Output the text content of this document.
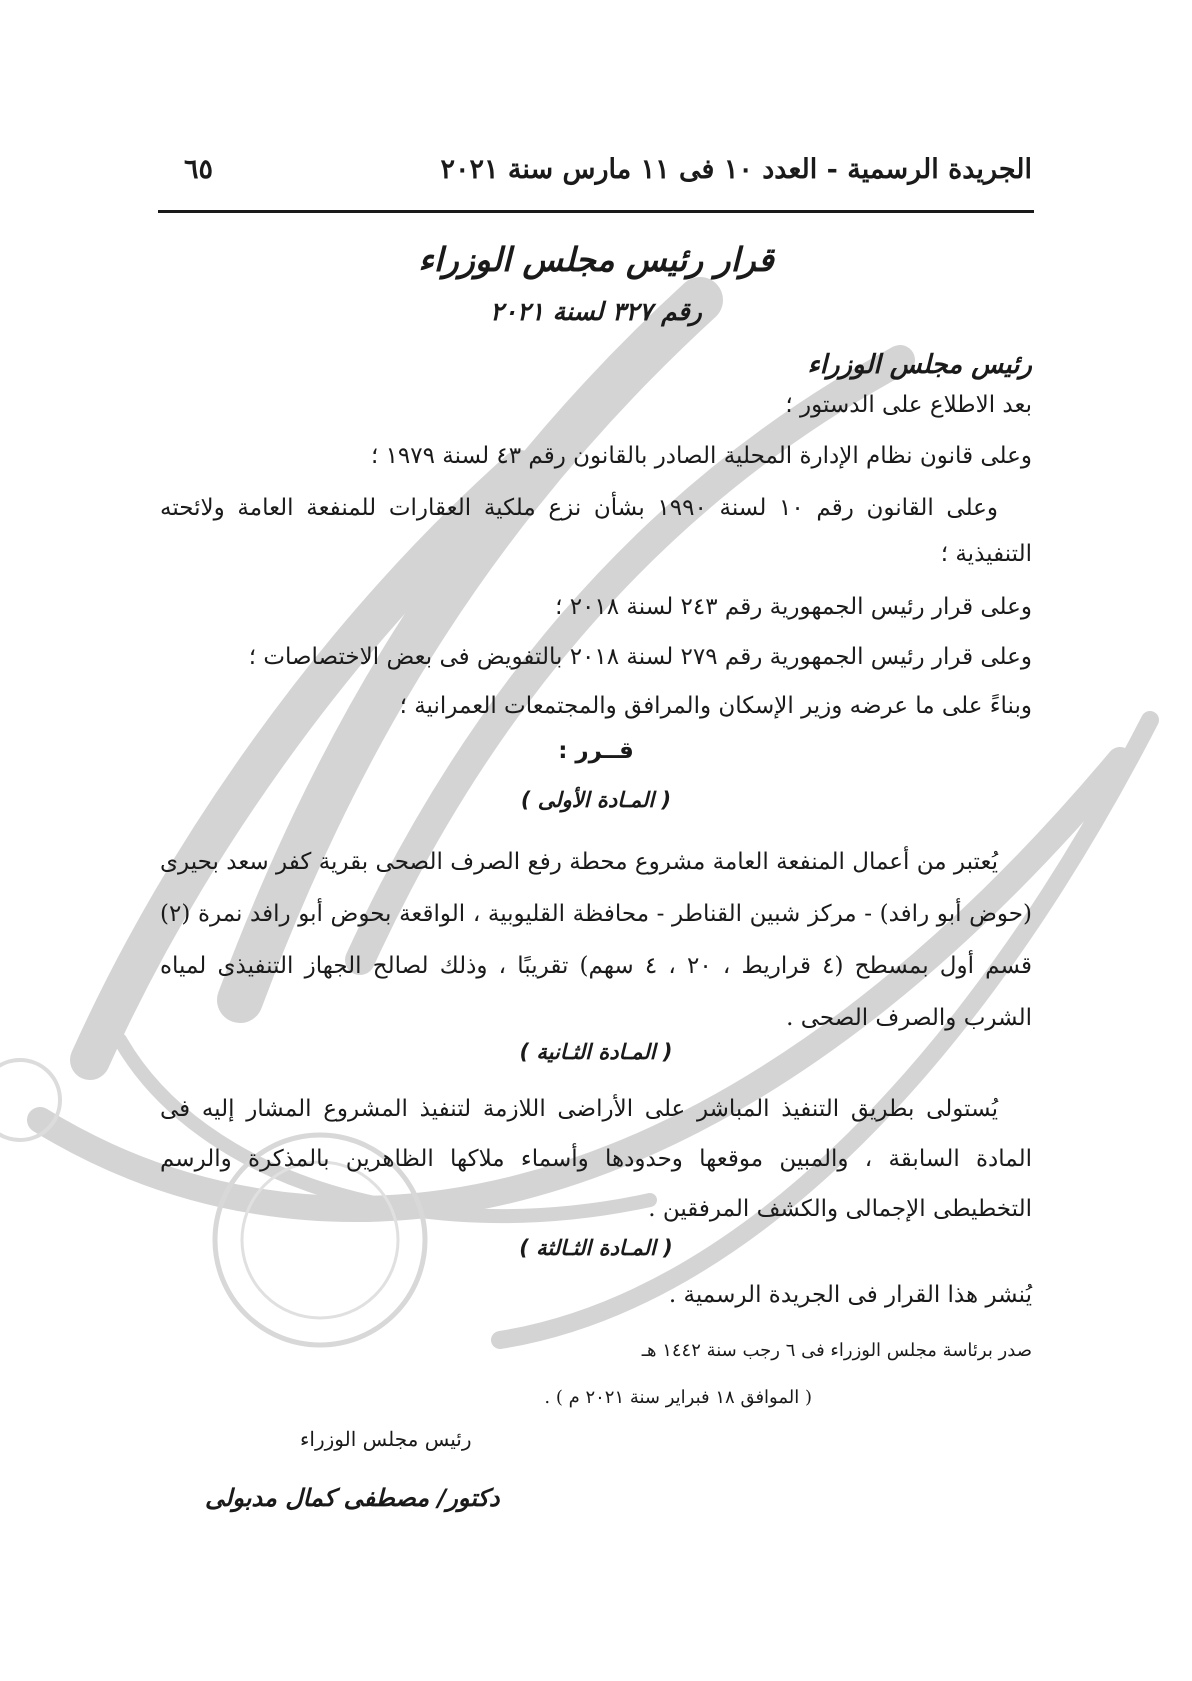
الجريدة الرسمية - العدد ١٠ فى ١١ مارس سنة ٢٠٢١
٦٥
قرار رئيس مجلس الوزراء
رقم ٣٢٧ لسنة ٢٠٢١
رئيس مجلس الوزراء
بعد الاطلاع على الدستور ؛
وعلى قانون نظام الإدارة المحلية الصادر بالقانون رقم ٤٣ لسنة ١٩٧٩ ؛
وعلى القانون رقم ١٠ لسنة ١٩٩٠ بشأن نزع ملكية العقارات للمنفعة العامة ولائحته التنفيذية ؛
وعلى قرار رئيس الجمهورية رقم ٢٤٣ لسنة ٢٠١٨ ؛
وعلى قرار رئيس الجمهورية رقم ٢٧٩ لسنة ٢٠١٨ بالتفويض فى بعض الاختصاصات ؛
وبناءً على ما عرضه وزير الإسكان والمرافق والمجتمعات العمرانية ؛
قــرر :
( المـادة الأولى )
يُعتبر من أعمال المنفعة العامة مشروع محطة رفع الصرف الصحى بقرية كفر سعد بحيرى (حوض أبو رافد) - مركز شبين القناطر - محافظة القليوبية ، الواقعة بحوض أبو رافد نمرة (٢) قسم أول بمسطح (٤ قراريط ، ٢٠ ، ٤ سهم) تقريبًا ، وذلك لصالح الجهاز التنفيذى لمياه الشرب والصرف الصحى .
( المـادة الثـانية )
يُستولى بطريق التنفيذ المباشر على الأراضى اللازمة لتنفيذ المشروع المشار إليه فى المادة السابقة ، والمبين موقعها وحدودها وأسماء ملاكها الظاهرين بالمذكرة والرسم التخطيطى الإجمالى والكشف المرفقين .
( المـادة الثـالثة )
يُنشر هذا القرار فى الجريدة الرسمية .
صدر برئاسة مجلس الوزراء فى ٦ رجب سنة ١٤٤٢ هـ
( الموافق ١٨ فبراير سنة ٢٠٢١ م ) .
رئيس مجلس الوزراء
دكتور/ مصطفى كمال مدبولى
